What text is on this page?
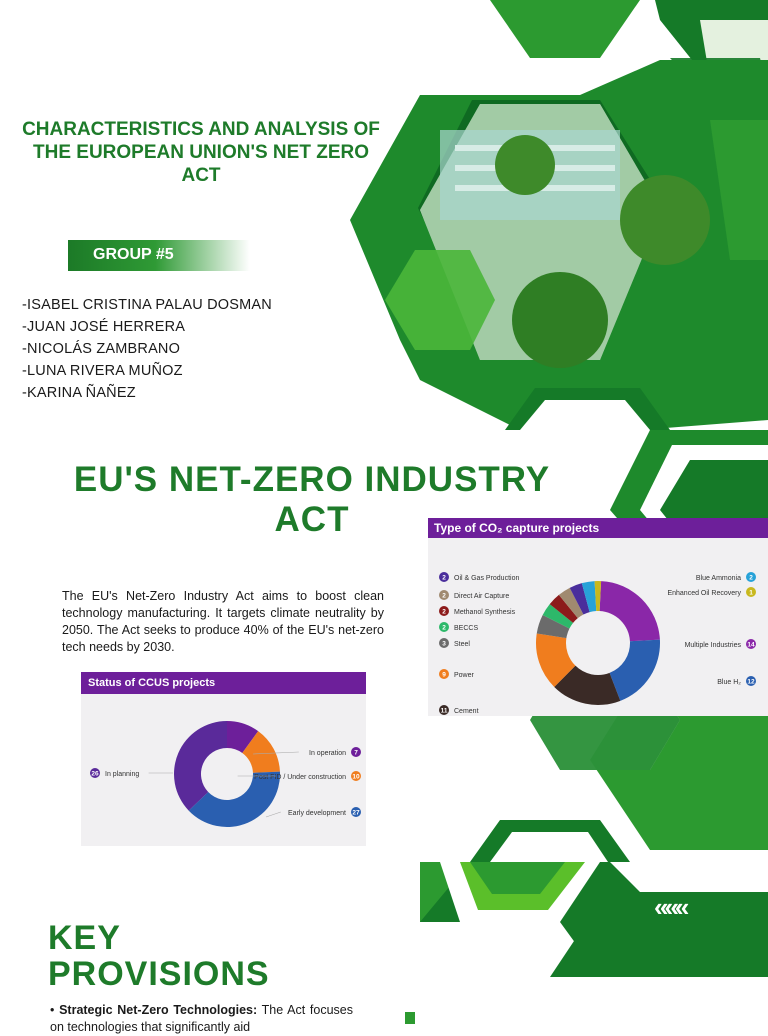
CHARACTERISTICS AND ANALYSIS OF THE EUROPEAN UNION'S NET ZERO ACT
GROUP #5
-ISABEL CRISTINA PALAU DOSMAN
-JUAN JOSÉ HERRERA
-NICOLÁS ZAMBRANO
-LUNA RIVERA MUÑOZ
-KARINA ÑAÑEZ
EU'S NET-ZERO INDUSTRY ACT
The EU's Net-Zero Industry Act aims to boost clean technology manufacturing. It targets climate neutrality by 2050. The Act seeks to produce 40% of the EU's net-zero tech needs by 2030.
Type of CO₂ capture projects
Multiple Industries 14
Blue H₂ 12
Cement
11
Power
9
Steel
3
BECCS
2
Methanol Synthesis
2
Direct Air Capture
2
Oil & Gas Production
2	Blue Ammonia 2
Enhanced Oil Recovery 1
Status of CCUS projects
In operation 7
Post FID / Under construction 10
Early development 27
In planning
26
«««
KEY
PROVISIONS
• Strategic Net-Zero Technologies: The Act focuses on technologies that significantly aid
